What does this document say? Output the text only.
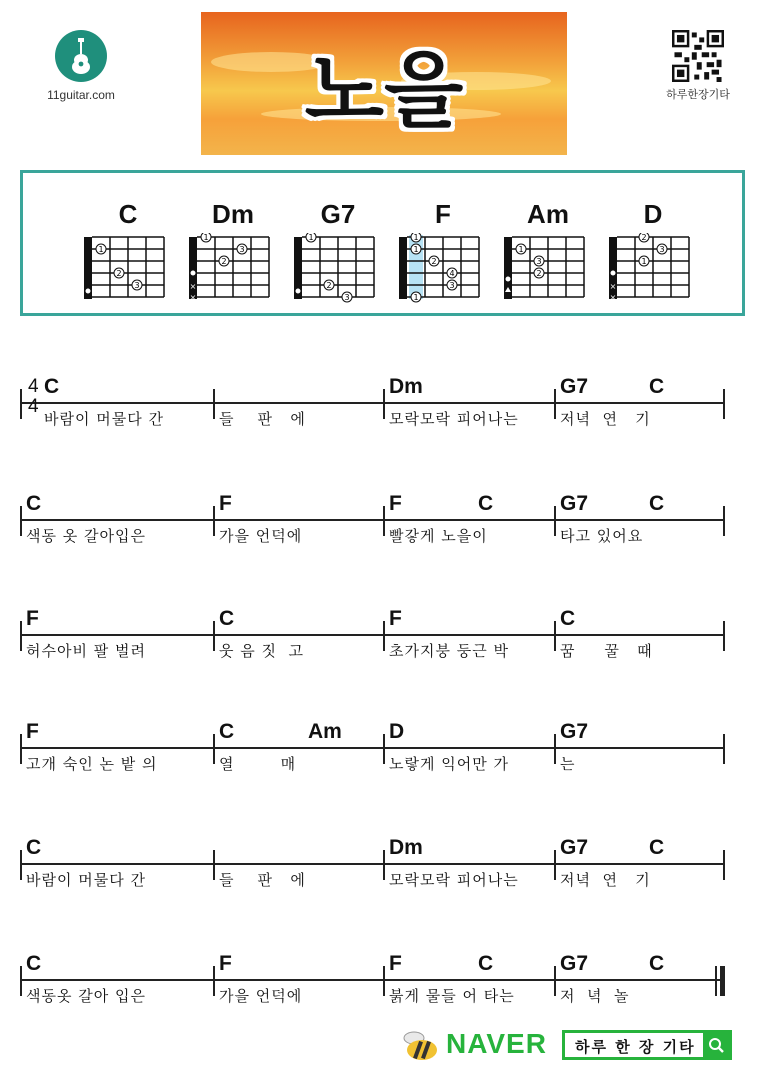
11guitar.com	노을	하루한장기타
C
1
2
3
Dm
1
3
2
×
×
G7
1
2
3
F
1
1
2
4
3
1
Am
1
3
2
D
2
3
1
×
×
C
바람이 머물다 간	들    판   에
Dm
모락모락 피어나는
G7	C
저녁  연   기
4
4
C
색동 옷 갈아입은
F
가을 언덕에
F	C
빨갛게 노을이
G7	C
타고 있어요
F
허수아비 팔 벌려
C
웃 음 짓  고
F
초가지붕 둥근 박
C
꿈     꿀   때
F
고개 숙인 논 밭 의
C	Am
열        매
D
노랗게 익어만 가
G7
는
C
바람이 머물다 간	들    판   에
Dm
모락모락 피어나는
G7	C
저녁  연   기
C
색동옷 갈아 입은
F
가을 언덕에
F	C
붉게 물들 어 타는
G7	C
저  녁  놀
NAVER 하루 한 장 기타
